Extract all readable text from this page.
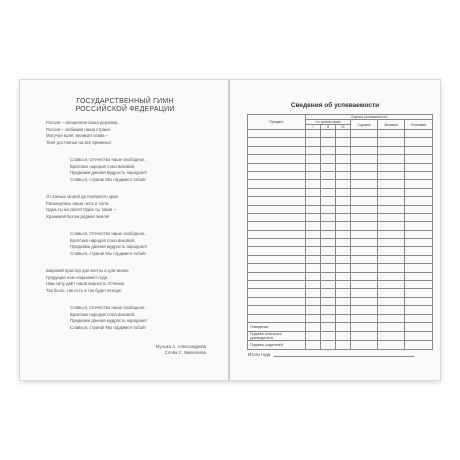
ГОСУДАРСТВЕННЫЙ ГИМН
РОССИЙСКОЙ ФЕДЕРАЦИИ
Россия – священная наша держава,
Россия – любимая наша страна.
Могучая воля, великая слава –
Твоё достоянье на все времена!
Славься, Отечество наше свободное,
Братских народов союз вековой,
Предками данная мудрость народная!
Славься, страна! Мы гордимся тобой!
От южных морей до полярного края
Раскинулись наши леса и поля.
Одна ты на свете! Одна ты такая –
Хранимая Богом родная земля!
Славься, Отечество наше свободное,
Братских народов союз вековой,
Предками данная мудрость народная!
Славься, страна! Мы гордимся тобой!
Широкий простор для мечты и для жизни
Грядущие нам открывают года.
Нам силу даёт наша верность Отчизне.
Так было, так есть и так будет всегда!
Славься, Отечество наше свободное,
Братских народов союз вековой,
Предками данная мудрость народная!
Славься, страна! Мы гордимся тобой!
Музыка А. Александрова
Слова С. Михалкова
Сведения об успеваемости
Предмет	Оценка успеваемости					
	по триместрам			Годовая	Экзамен	Итоговая
	I	II	III			

Поведение						
Подпись классного руководителя						
Подпись родителей						
Итоги года
